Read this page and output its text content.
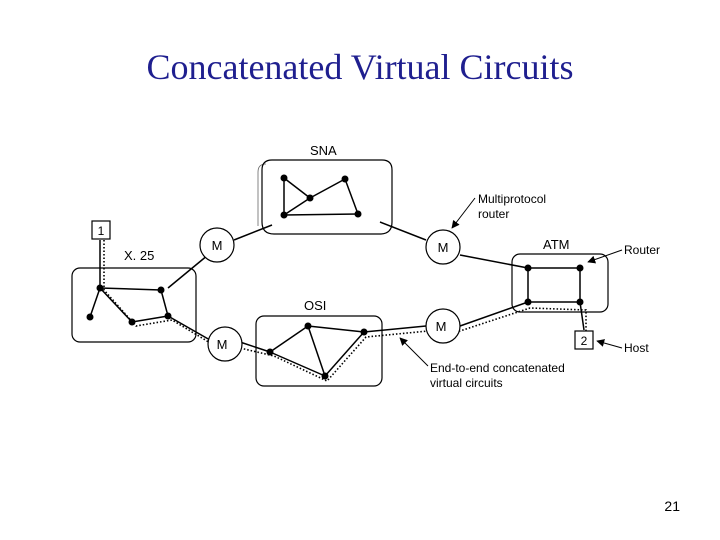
Concatenated Virtual Circuits
M	M
M
M
1
2
SNA
X. 25
OSI
ATM
Multiprotocol
router
Router
Host
End-to-end concatenated
virtual circuits
21
